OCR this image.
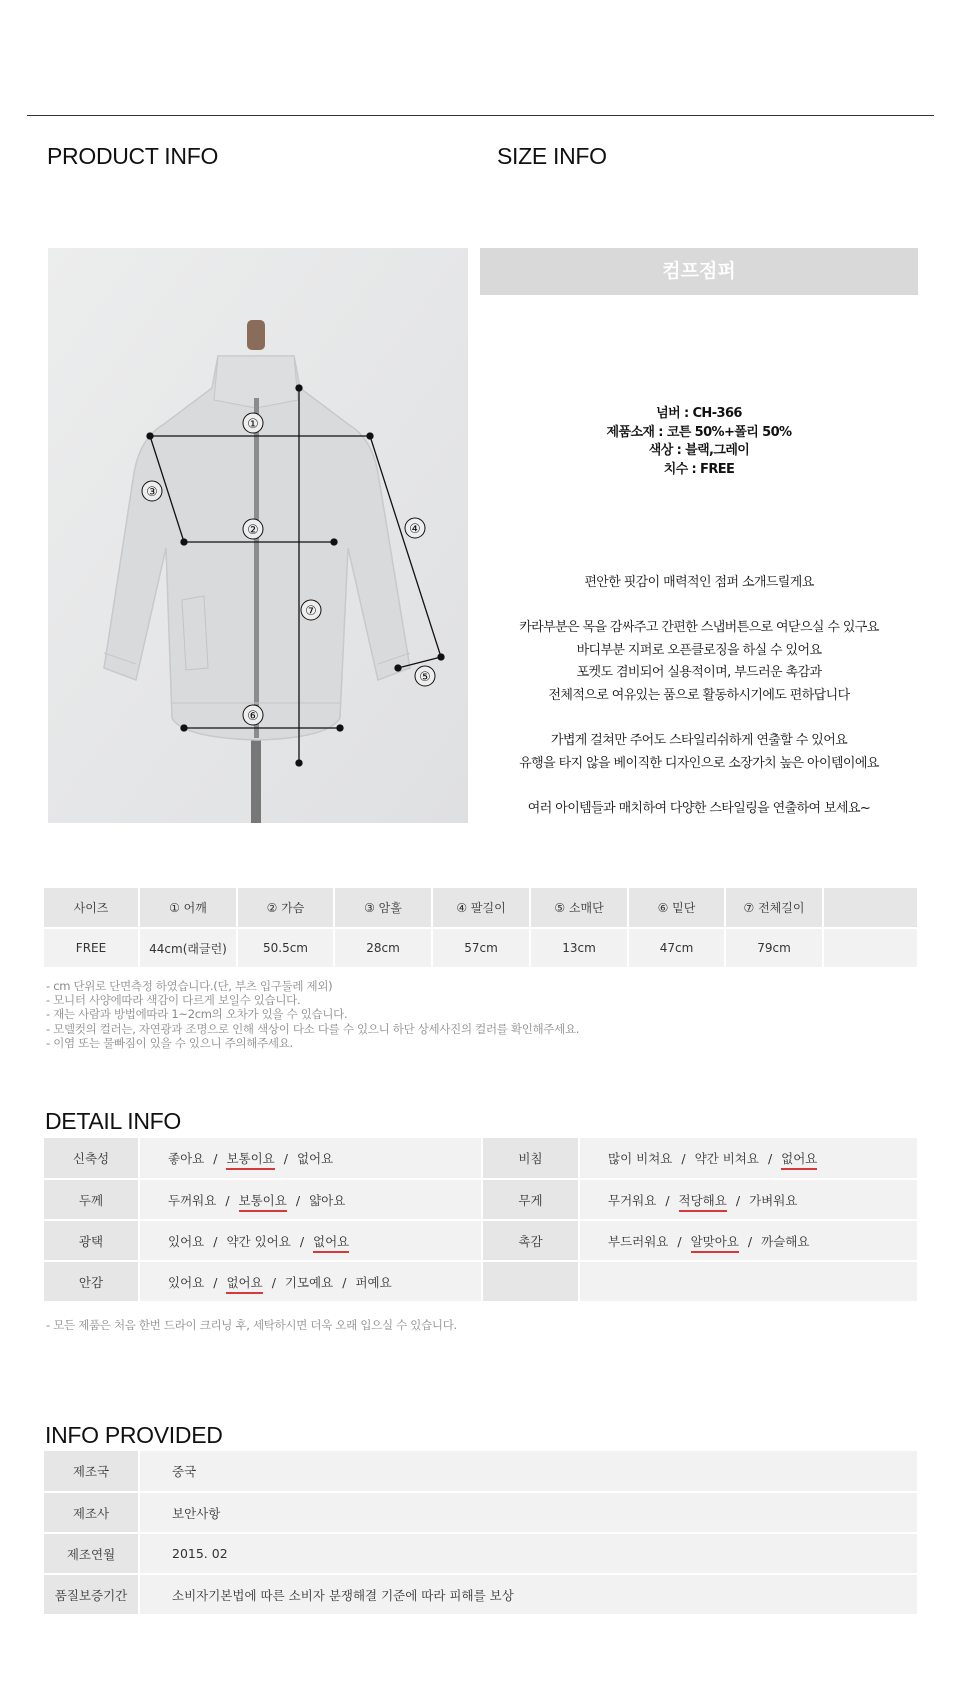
PRODUCT INFO	SIZE INFO
①
②
③
④
⑤
⑥
⑦
컴프점퍼
넘버 : CH-366
제품소재 : 코튼 50%+폴리 50%
색상 : 블랙,그레이
치수 : FREE
편안한 핏감이 매력적인 점퍼 소개드릴게요
카라부분은 목을 감싸주고 간편한 스냅버튼으로 여닫으실 수 있구요
바디부분 지퍼로 오픈클로징을 하실 수 있어요
포켓도 겸비되어 실용적이며, 부드러운 촉감과
전체적으로 여유있는 품으로 활동하시기에도 편하답니다
가볍게 걸쳐만 주어도 스타일리쉬하게 연출할 수 있어요
유행을 타지 않을 베이직한 디자인으로 소장가치 높은 아이템이에요
여러 아이템들과 매치하여 다양한 스타일링을 연출하여 보세요~
사이즈	① 어깨	② 가슴	③ 암홀	④ 팔길이	⑤ 소매단	⑥ 밑단	⑦ 전체길이	
FREE	44cm(래글런)	50.5cm	28cm	57cm	13cm	47cm	79cm	
- cm 단위로 단면측정 하였습니다.(단, 부츠 입구둘레 제외)
- 모니터 사양에따라 색감이 다르게 보일수 있습니다.
- 재는 사람과 방법에따라 1~2cm의 오차가 있을 수 있습니다.
- 모델컷의 컬러는, 자연광과 조명으로 인해 색상이 다소 다를 수 있으니 하단 상세사진의 컬러를 확인해주세요.
- 이염 또는 물빠짐이 있을 수 있으니 주의해주세요.
DETAIL INFO
신축성	좋아요 / 보통이요 / 없어요	비침	많이 비쳐요 / 약간 비쳐요 / 없어요
두께	두꺼워요 / 보통이요 / 얇아요	무게	무거워요 / 적당해요 / 가벼워요
광택	있어요 / 약간 있어요 / 없어요	촉감	부드러워요 / 알맞아요 / 까슬해요
안감	있어요 / 없어요 / 기모예요 / 퍼예요		
- 모든 제품은 처음 한번 드라이 크리닝 후, 세탁하시면 더욱 오래 입으실 수 있습니다.
INFO PROVIDED
제조국	중국
제조사	보안사항
제조연월	2015. 02
품질보증기간	소비자기본법에 따른 소비자 분쟁해결 기준에 따라 피해를 보상
